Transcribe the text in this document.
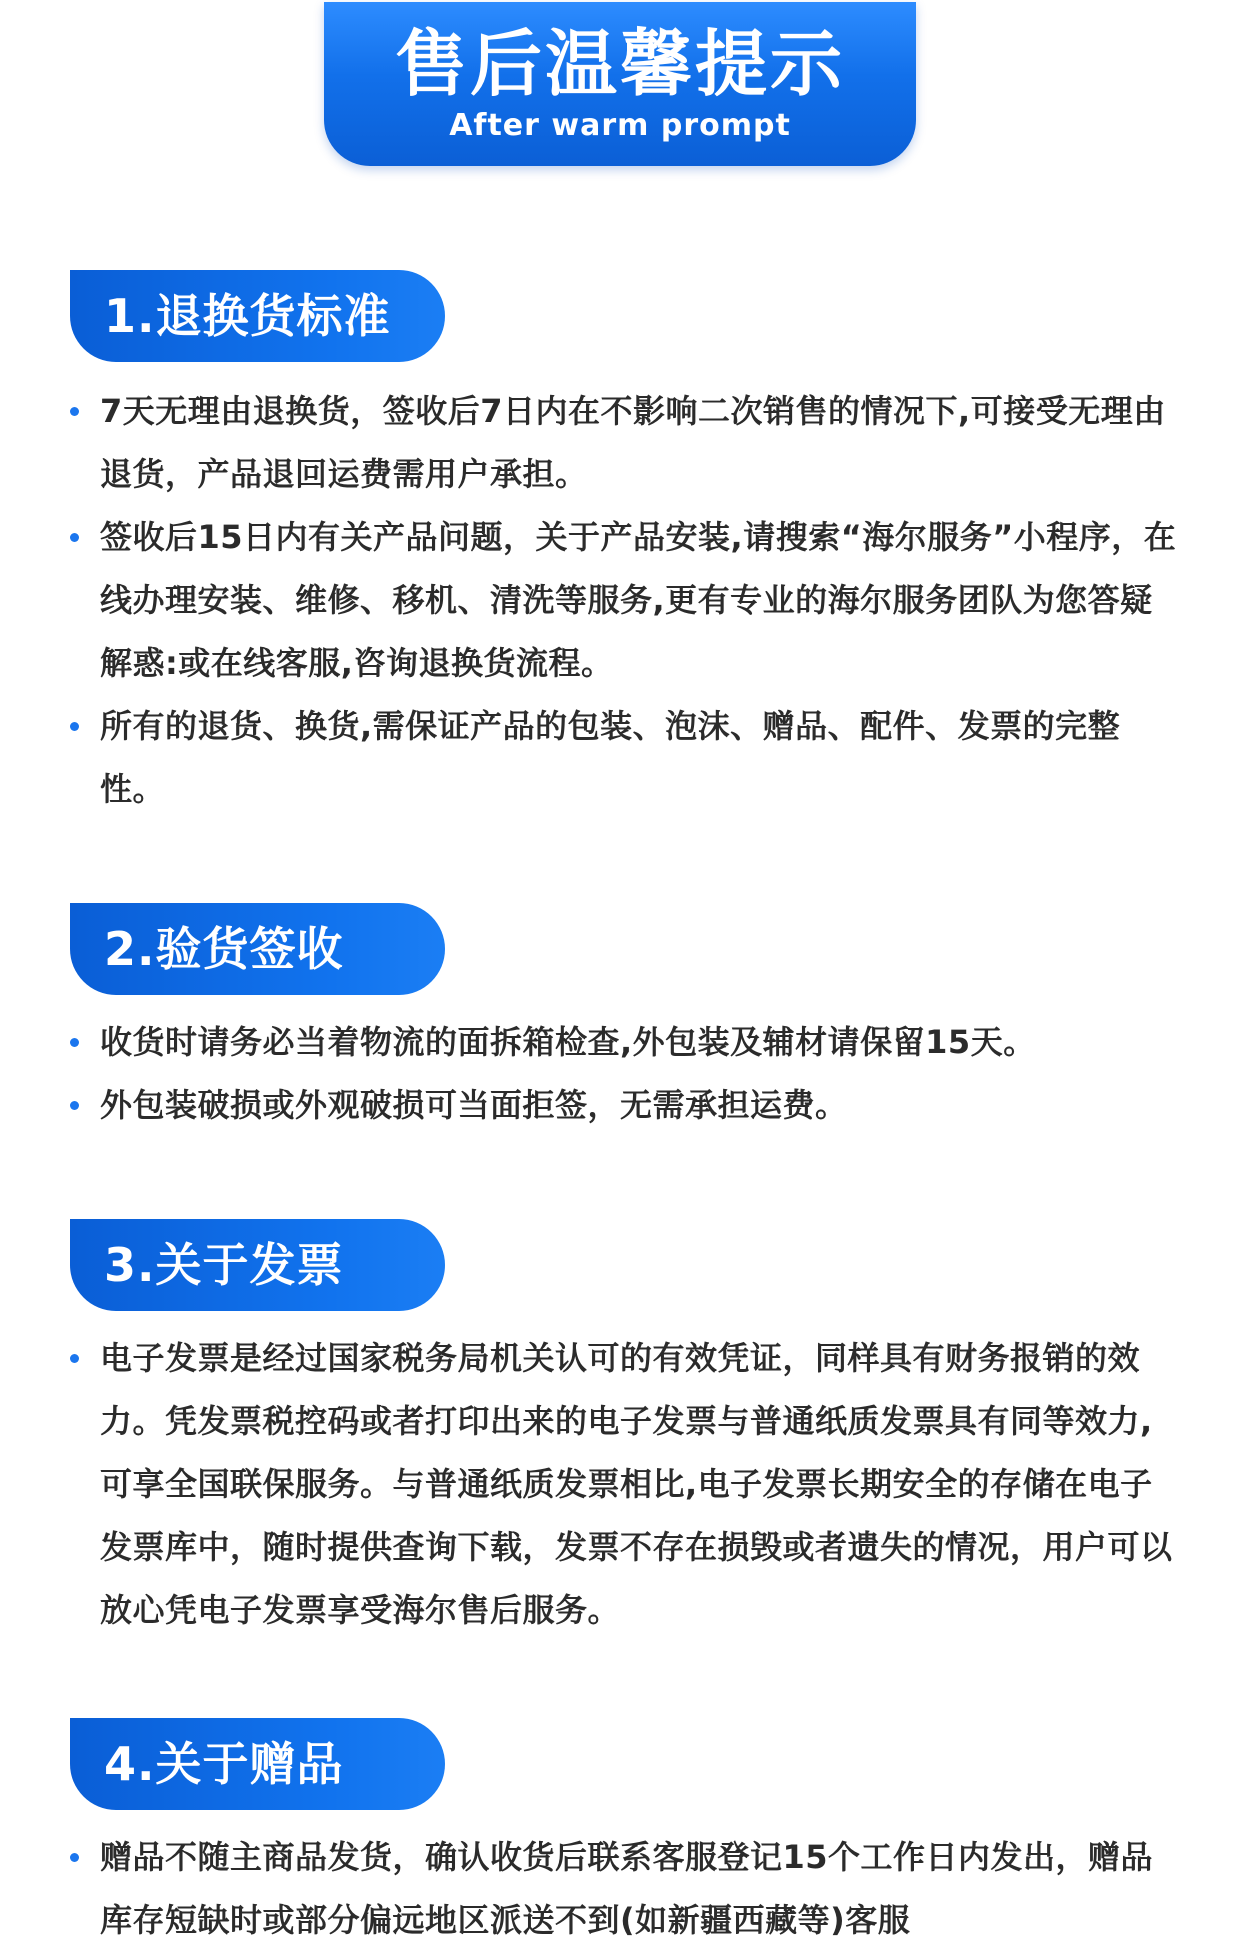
售后温馨提示
After warm prompt
1.退换货标准
7天无理由退换货，签收后7日内在不影响二次销售的情况下,可接受无理由退货，产品退回运费需用户承担。
签收后15日内有关产品问题，关于产品安装,请搜索“海尔服务”小程序，在线办理安装、维修、移机、清洗等服务,更有专业的海尔服务团队为您答疑解惑:或在线客服,咨询退换货流程。
所有的退货、换货,需保证产品的包装、泡沫、赠品、配件、发票的完整性。
2.验货签收
收货时请务必当着物流的面拆箱检查,外包装及辅材请保留15天。
外包装破损或外观破损可当面拒签，无需承担运费。
3.关于发票
电子发票是经过国家税务局机关认可的有效凭证，同样具有财务报销的效力。凭发票税控码或者打印出来的电子发票与普通纸质发票具有同等效力,可享全国联保服务。与普通纸质发票相比,电子发票长期安全的存储在电子发票库中，随时提供查询下载，发票不存在损毁或者遗失的情况，用户可以放心凭电子发票享受海尔售后服务。
4.关于赠品
赠品不随主商品发货，确认收货后联系客服登记15个工作日内发出，赠品库存短缺时或部分偏远地区派送不到(如新疆西藏等)客服
